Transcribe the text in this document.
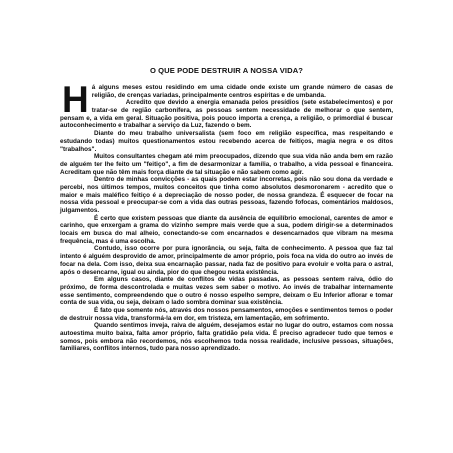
O QUE PODE DESTRUIR A NOSSA VIDA?

Há alguns meses estou residindo em uma cidade onde existe um grande número de casas de religião, de crenças variadas, principalmente centros espíritas e de umbanda.

Acredito que devido a energia emanada pelos presídios (sete estabelecimentos) e por tratar-se de região carbonífera, as pessoas sentem necessidade de melhorar o que sentem, pensam e, a vida em geral. Situação positiva, pois pouco importa a crença, a religião, o primordial é buscar autoconhecimento e trabalhar a serviço da Luz, fazendo o bem.

Diante do meu trabalho universalista (sem foco em religião específica, mas respeitando e estudando todas) muitos questionamentos estou recebendo acerca de feitiços, magia negra e os ditos "trabalhos".

Muitos consultantes chegam até mim preocupados, dizendo que sua vida não anda bem em razão de alguém ter lhe feito um "feitiço", a fim de desarmonizar a família, o trabalho, a vida pessoal e financeira. Acreditam que não têm mais força diante de tal situação e não sabem como agir.

Dentro de minhas convicções - as quais podem estar incorretas, pois não sou dona da verdade e percebi, nos últimos tempos, muitos conceitos que tinha como absolutos desmoronarem - acredito que o maior e mais maléfico feitiço é a depreciação de nosso poder, de nossa grandeza. É esquecer de focar na nossa vida pessoal e preocupar-se com a vida das outras pessoas, fazendo fofocas, comentários maldosos, julgamentos.

É certo que existem pessoas que diante da ausência de equilíbrio emocional, carentes de amor e carinho, que enxergam a grama do vizinho sempre mais verde que a sua, podem dirigir-se a determinados locais em busca do mal alheio, conectando-se com encarnados e desencarnados que vibram na mesma frequência, mas é uma escolha.

Contudo, isso ocorre por pura ignorância, ou seja, falta de conhecimento. A pessoa que faz tal intento é alguém desprovido de amor, principalmente de amor próprio, pois foca na vida do outro ao invés de focar na dela. Com isso, deixa sua encarnação passar, nada faz de positivo para evoluir e volta para o astral, após o desencarne, igual ou ainda, pior do que chegou nesta existência.

Em alguns casos, diante de conflitos de vidas passadas, as pessoas sentem raiva, ódio do próximo, de forma descontrolada e muitas vezes sem saber o motivo. Ao invés de trabalhar internamente esse sentimento, compreendendo que o outro é nosso espelho sempre, deixam o Eu Inferior aflorar e tomar conta de sua vida, ou seja, deixam o lado sombra dominar sua existência.

É fato que somente nós, através dos nossos pensamentos, emoções e sentimentos temos o poder de destruir nossa vida, transformá-la em dor, em tristeza, em lamentação, em sofrimento.

Quando sentimos inveja, raiva de alguém, desejamos estar no lugar do outro, estamos com nossa autoestima muito baixa, falta amor próprio, falta gratidão pela vida. É preciso agradecer tudo que temos e somos, pois embora não recordemos, nós escolhemos toda nossa realidade, inclusive pessoas, situações, familiares, conflitos internos, tudo para nosso aprendizado.
